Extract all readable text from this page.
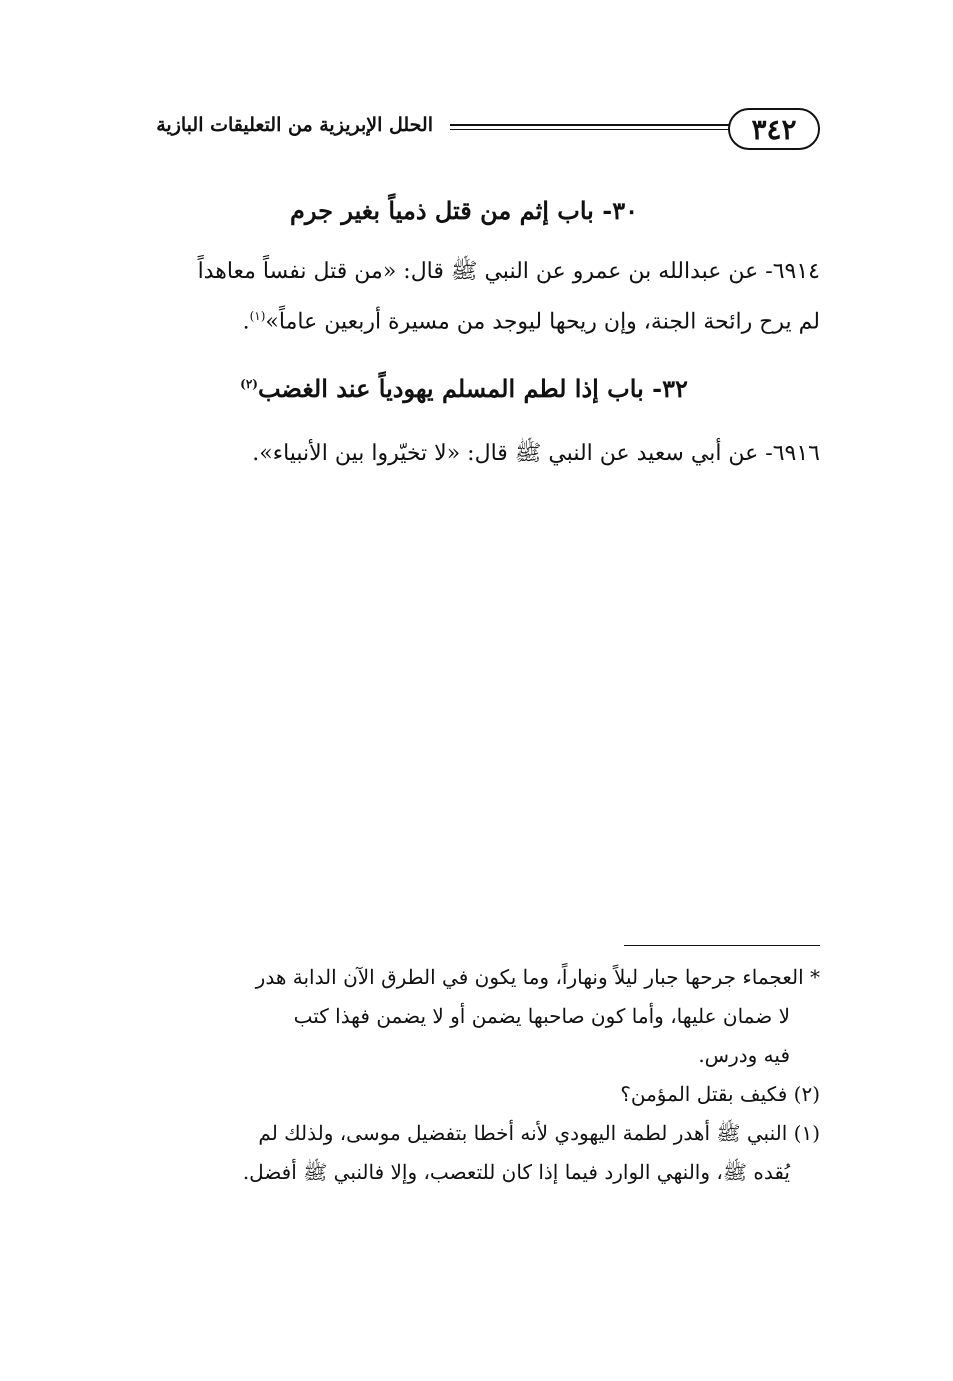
٣٤٢
الحلل الإبريزية من التعليقات البازية
٣٠- باب إثم من قتل ذمياً بغير جرم
٦٩١٤- عن عبدالله بن عمرو عن النبي ﷺ قال: «من قتل نفساً معاهداً
لم يرح رائحة الجنة، وإن ريحها ليوجد من مسيرة أربعين عاماً»$^{(١)}$.
٣٢- باب إذا لطم المسلم يهودياً عند الغضب$^{(٢)}$
٦٩١٦- عن أبي سعيد عن النبي ﷺ قال: «لا تخيّروا بين الأنبياء».
* العجماء جرحها جبار ليلاً ونهاراً، وما يكون في الطرق الآن الدابة هدر
لا ضمان عليها، وأما كون صاحبها يضمن أو لا يضمن فهذا كتب
فيه ودرس.
(٢) فكيف بقتل المؤمن؟
(١) النبي ﷺ أهدر لطمة اليهودي لأنه أخطا بتفضيل موسى، ولذلك لم
يُقده ﷺ، والنهي الوارد فيما إذا كان للتعصب، وإلا فالنبي ﷺ أفضل.
